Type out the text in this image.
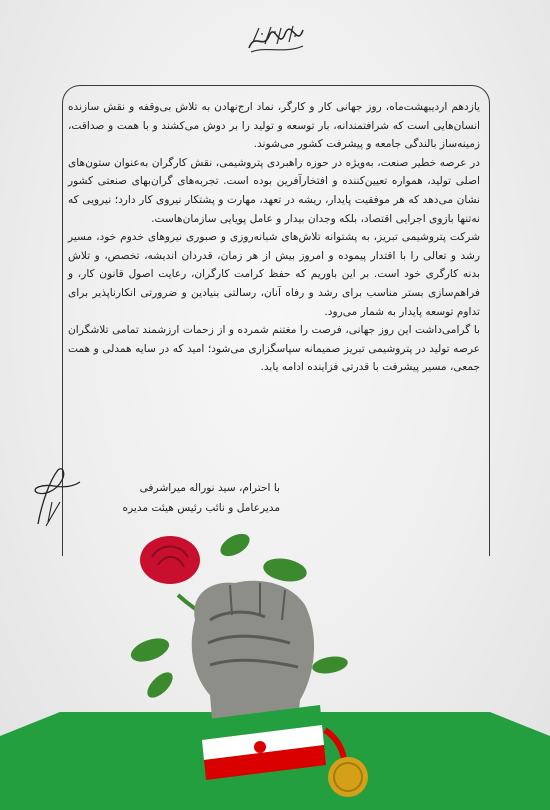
یازدهم اردیبهشت‌ماه، روز جهانی کار و کارگر، نماد ارج‌نهادن به تلاش بی‌وقفه و نقش سازنده انسان‌هایی است که شرافتمندانه، بار توسعه و تولید را بر دوش می‌کشند و با همت و صداقت، زمینه‌ساز بالندگی جامعه و پیشرفت کشور می‌شوند.

در عرصه خطیر صنعت، به‌ویژه در حوزه راهبردی پتروشیمی، نقش کارگران به‌عنوان ستون‌های اصلی تولید، همواره تعیین‌کننده و افتخارآفرین بوده است. تجربه‌های گران‌بهای صنعتی کشور نشان می‌دهد که هر موفقیت پایدار، ریشه در تعهد، مهارت و پشتکار نیروی کار دارد؛ نیرویی که نه‌تنها بازوی اجرایی اقتصاد، بلکه وجدان بیدار و عامل پویایی سازمان‌هاست.

شرکت پتروشیمی تبریز، به پشتوانه تلاش‌های شبانه‌روزی و صبوری نیروهای خدوم خود، مسیر رشد و تعالی را با اقتدار پیموده و امروز بیش از هر زمان، قدردان اندیشه، تخصص، و تلاش بدنه کارگری خود است. بر این باوریم که حفظ کرامت کارگران، رعایت اصول قانون کار، و فراهم‌سازی بستر مناسب برای رشد و رفاه آنان، رسالتی بنیادین و ضرورتی انکارناپذیر برای تداوم توسعه پایدار به شمار می‌رود.

با گرامی‌داشت این روز جهانی، فرصت را مغتنم شمرده و از زحمات ارزشمند تمامی تلاشگران عرصه تولید در پتروشیمی تبریز صمیمانه سپاسگزاری می‌شود؛ امید که در سایه همدلی و همت جمعی، مسیر پیشرفت با قدرتی فزاینده ادامه یابد.

با احترام، سید نوراله میراشرفی
مدیرعامل و نائب رئیس هیئت مدیره
